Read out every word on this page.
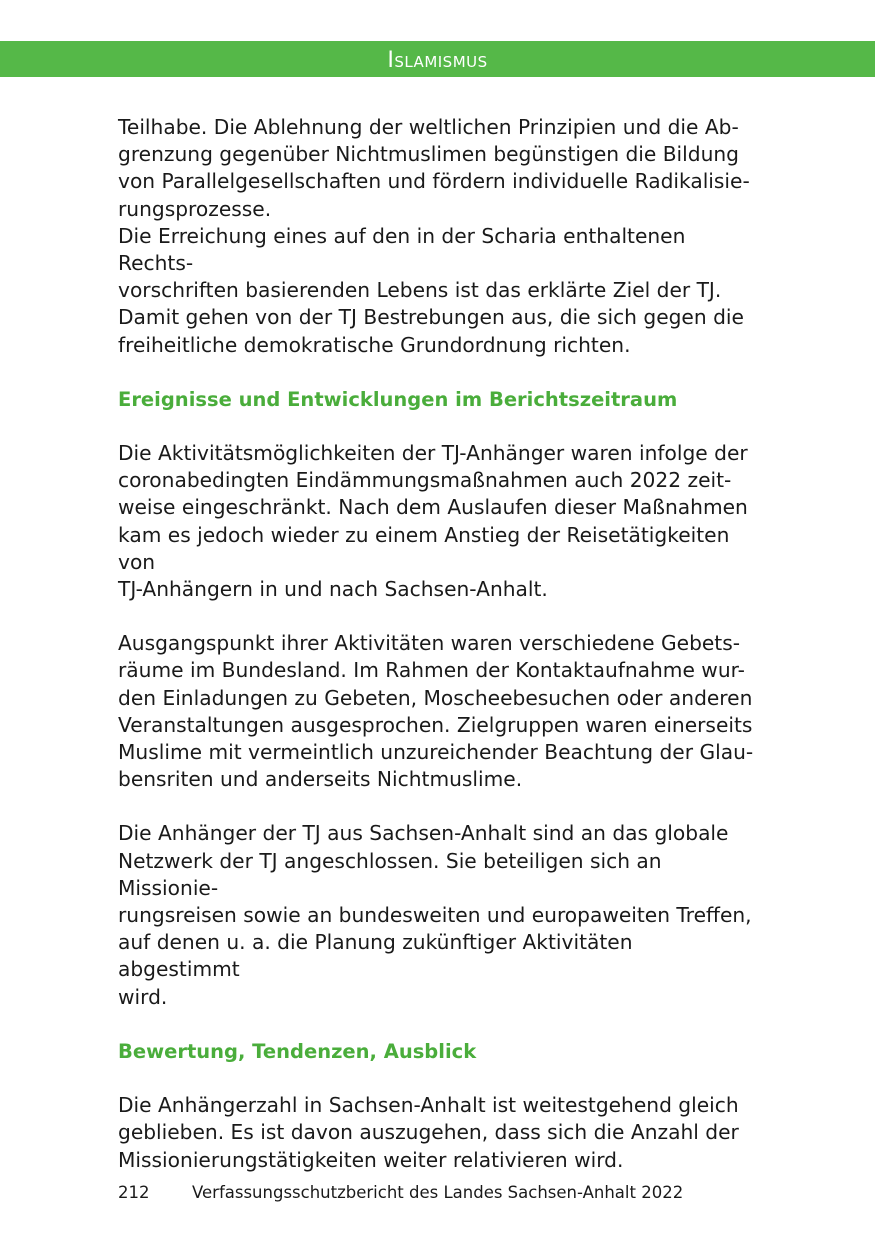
Islamismus

Teilhabe. Die Ablehnung der weltlichen Prinzipien und die Ab-
grenzung gegenüber Nichtmuslimen begünstigen die Bildung
von Parallelgesellschaften und fördern individuelle Radikalisie-
rungsprozesse.

Die Erreichung eines auf den in der Scharia enthaltenen Rechts-
vorschriften basierenden Lebens ist das erklärte Ziel der TJ.
Damit gehen von der TJ Bestrebungen aus, die sich gegen die
freiheitliche demokratische Grundordnung richten.

Ereignisse und Entwicklungen im Berichtszeitraum

Die Aktivitätsmöglichkeiten der TJ-Anhänger waren infolge der
coronabedingten Eindämmungsmaßnahmen auch 2022 zeit-
weise eingeschränkt. Nach dem Auslaufen dieser Maßnahmen
kam es jedoch wieder zu einem Anstieg der Reisetätigkeiten von
TJ-Anhängern in und nach Sachsen-Anhalt.

Ausgangspunkt ihrer Aktivitäten waren verschiedene Gebets-
räume im Bundesland. Im Rahmen der Kontaktaufnahme wur-
den Einladungen zu Gebeten, Moscheebesuchen oder anderen
Veranstaltungen ausgesprochen. Zielgruppen waren einerseits
Muslime mit vermeintlich unzureichender Beachtung der Glau-
bensriten und anderseits Nichtmuslime.

Die Anhänger der TJ aus Sachsen-Anhalt sind an das globale
Netzwerk der TJ angeschlossen. Sie beteiligen sich an Missionie-
rungsreisen sowie an bundesweiten und europaweiten Treffen,
auf denen u. a. die Planung zukünftiger Aktivitäten abgestimmt
wird.

Bewertung, Tendenzen, Ausblick

Die Anhängerzahl in Sachsen-Anhalt ist weitestgehend gleich
geblieben. Es ist davon auszugehen, dass sich die Anzahl der
Missionierungstätigkeiten weiter relativieren wird.

212	Verfassungsschutzbericht des Landes Sachsen-Anhalt 2022
